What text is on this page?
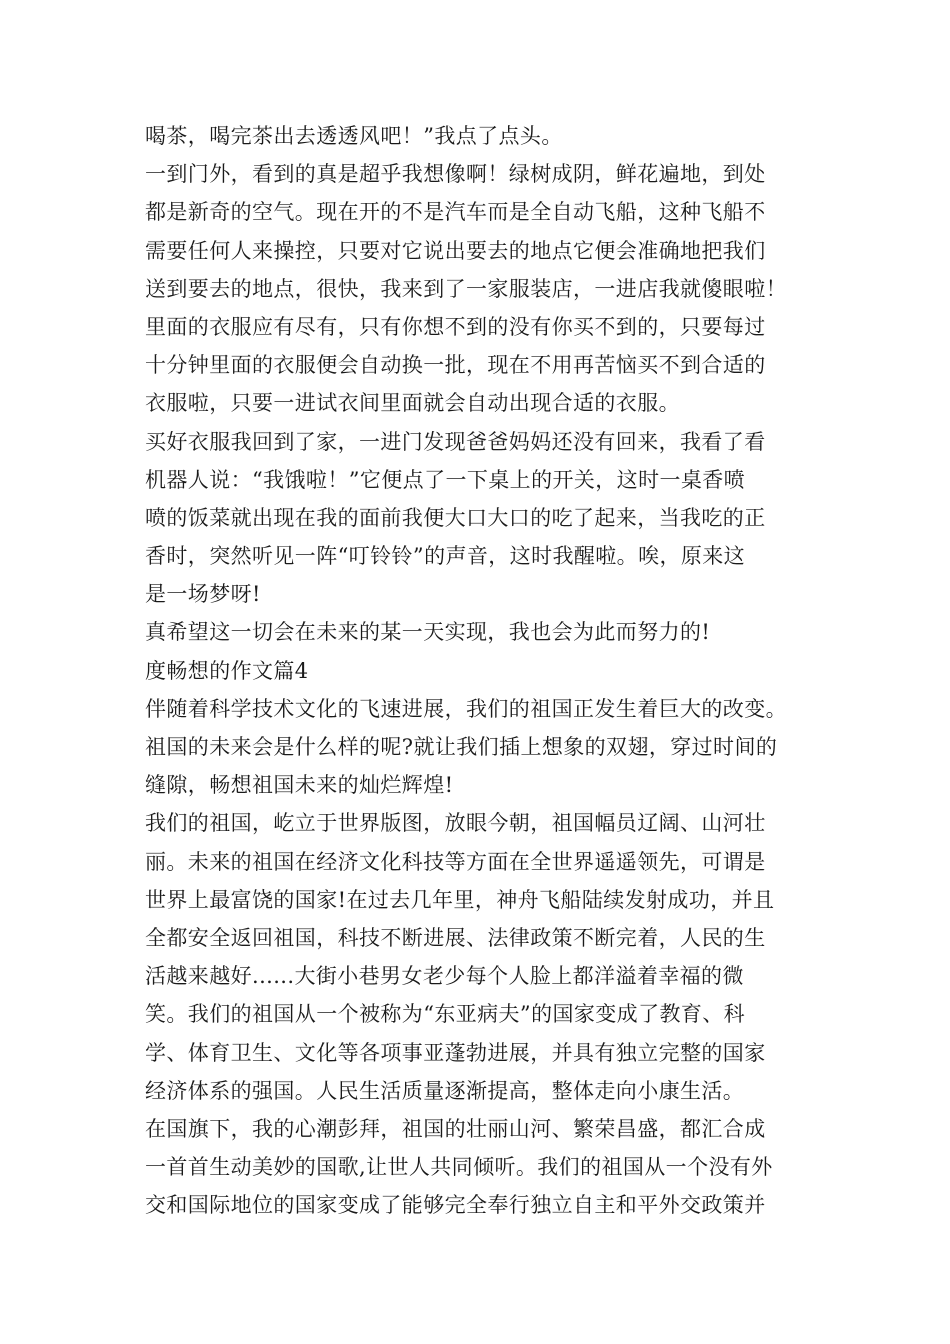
喝茶，喝完茶出去透透风吧！”我点了点头。

一到门外，看到的真是超乎我想像啊！绿树成阴，鲜花遍地，到处
都是新奇的空气。现在开的不是汽车而是全自动飞船，这种飞船不
需要任何人来操控，只要对它说出要去的地点它便会准确地把我们
送到要去的地点，很快，我来到了一家服装店，一进店我就傻眼啦！
里面的衣服应有尽有，只有你想不到的没有你买不到的，只要每过
十分钟里面的衣服便会自动换一批，现在不用再苦恼买不到合适的
衣服啦，只要一进试衣间里面就会自动出现合适的衣服。

买好衣服我回到了家，一进门发现爸爸妈妈还没有回来，我看了看
机器人说：“我饿啦！”它便点了一下桌上的开关，这时一桌香喷
喷的饭菜就出现在我的面前我便大口大口的吃了起来，当我吃的正
香时，突然听见一阵“叮铃铃”的声音，这时我醒啦。唉，原来这
是一场梦呀!

真希望这一切会在未来的某一天实现，我也会为此而努力的!

度畅想的作文篇4

伴随着科学技术文化的飞速进展，我们的祖国正发生着巨大的改变。
祖国的未来会是什么样的呢?就让我们插上想象的双翅，穿过时间的
缝隙，畅想祖国未来的灿烂辉煌!

我们的祖国，屹立于世界版图，放眼今朝，祖国幅员辽阔、山河壮
丽。未来的祖国在经济文化科技等方面在全世界遥遥领先，可谓是
世界上最富饶的国家!在过去几年里，神舟飞船陆续发射成功，并且
全都安全返回祖国，科技不断进展、法律政策不断完着，人民的生
活越来越好......大街小巷男女老少每个人脸上都洋溢着幸福的微
笑。我们的祖国从一个被称为“东亚病夫”的国家变成了教育、科
学、体育卫生、文化等各项事亚蓬勃进展，并具有独立完整的国家
经济体系的强国。人民生活质量逐渐提高，整体走向小康生活。

在国旗下，我的心潮彭拜，祖国的壮丽山河、繁荣昌盛，都汇合成
一首首生动美妙的国歌,让世人共同倾听。我们的祖国从一个没有外
交和国际地位的国家变成了能够完全奉行独立自主和平外交政策并
